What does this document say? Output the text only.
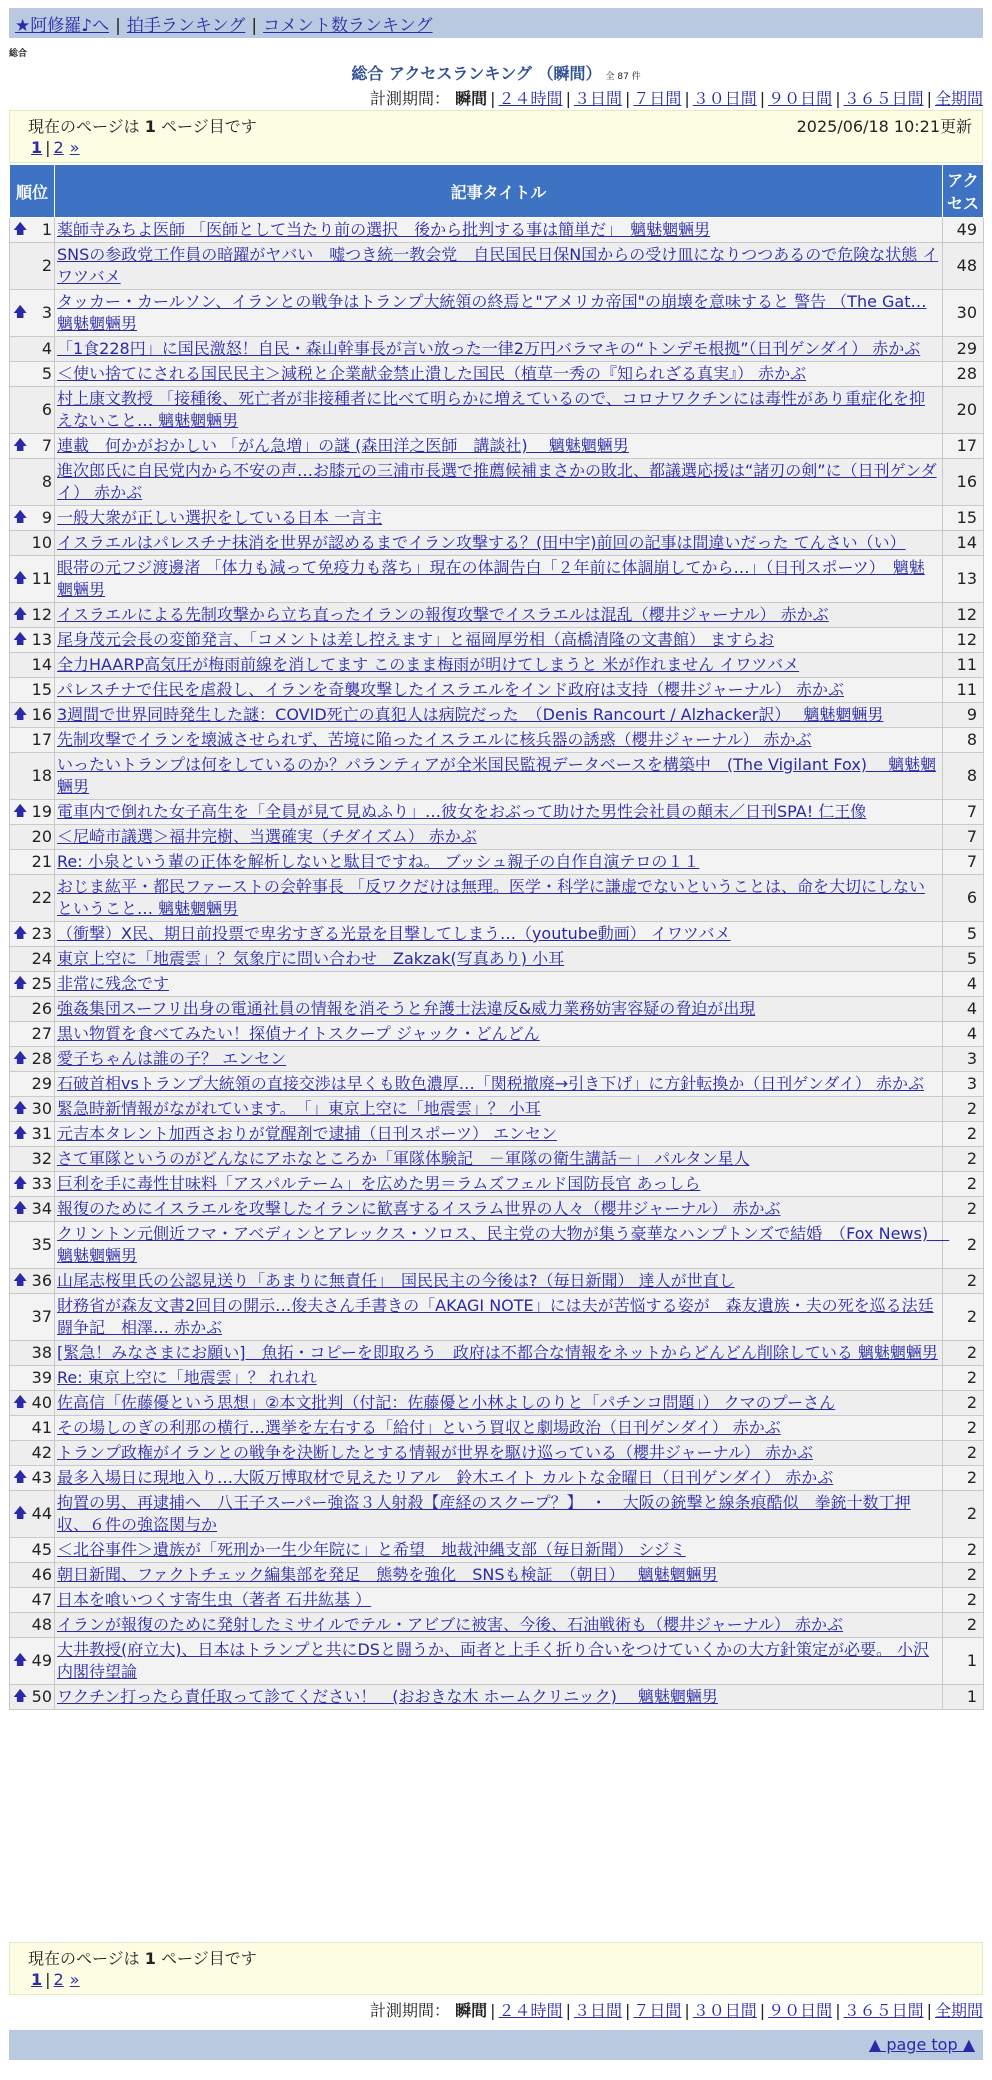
★阿修羅♪へ | 拍手ランキング | コメント数ランキング
総合
総合 アクセスランキング （瞬間） 全 87 件
計測期間： 瞬間 | ２４時間 | ３日間 | ７日間 | ３０日間 | ９０日間 | ３６５日間 | 全期間
現在のページは 1 ページ目です	2025/06/18 10:21更新
1 | 2 »
順位	記事タイトル	アクセス

🡅 1	薬師寺みちよ医師 「医師として当たり前の選択　後から批判する事は簡単だ」　魑魅魍魎男	49
2	SNSの参政党工作員の暗躍がヤバい　嘘つき統一教会党　自民国民日保N国からの受け皿になりつつあるので危険な状態 イワツバメ	48

🡅 3	タッカー・カールソン、イランとの戦争はトランプ大統領の終焉と"アメリカ帝国"の崩壊を意味すると 警告 （The Gat… 魑魅魍魎男	30
4	「1食228円」に国民激怒！自民・森山幹事長が言い放った一律2万円バラマキの“トンデモ根拠”（日刊ゲンダイ） 赤かぶ	29
5	＜使い捨てにされる国民民主＞減税と企業献金禁止潰した国民（植草一秀の『知られざる真実』） 赤かぶ	28
6	村上康文教授 「接種後、死亡者が非接種者に比べて明らかに増えているので、コロナワクチンには毒性があり重症化を抑えないこと… 魑魅魍魎男	20

🡅 7	連載　何かがおかしい 「がん急増」の謎 (森田洋之医師　講談社)　 魑魅魍魎男	17
8	進次郎氏に自民党内から不安の声…お膝元の三浦市長選で推薦候補まさかの敗北、都議選応援は“諸刃の剣”に（日刊ゲンダイ） 赤かぶ	16

🡅 9	一般大衆が正しい選択をしている日本 一言主	15
10	イスラエルはパレスチナ抹消を世界が認めるまでイラン攻撃する？(田中宇)前回の記事は間違いだった てんさい（い）	14

🡅 11	眼帯の元フジ渡邊渚 「体力も減って免疫力も落ち」現在の体調告白「２年前に体調崩してから…」（日刊スポーツ）　魑魅魍魎男	13

🡅 12	イスラエルによる先制攻撃から立ち直ったイランの報復攻撃でイスラエルは混乱（櫻井ジャーナル） 赤かぶ	12

🡅 13	尾身茂元会長の変節発言、「コメントは差し控えます」と福岡厚労相（高橋清隆の文書館） ますらお	12
14	全力HAARP高気圧が梅雨前線を消してます このまま梅雨が明けてしまうと 米が作れません イワツバメ	11
15	パレスチナで住民を虐殺し、イランを奇襲攻撃したイスラエルをインド政府は支持（櫻井ジャーナル） 赤かぶ	11

🡅 16	3週間で世界同時発生した謎：COVID死亡の真犯人は病院だった　（Denis Rancourt / Alzhacker訳）　 魑魅魍魎男	9
17	先制攻撃でイランを壊滅させられず、苦境に陥ったイスラエルに核兵器の誘惑（櫻井ジャーナル） 赤かぶ	8
18	いったいトランプは何をしているのか？パランティアが全米国民監視データベースを構築中　(The Vigilant Fox)　 魑魅魍魎男	8

🡅 19	電車内で倒れた女子高生を「全員が見て見ぬふり」…彼女をおぶって助けた男性会社員の顛末／日刊SPA! 仁王像	7
20	＜尼崎市議選＞福井完樹、当選確実（チダイズム） 赤かぶ	7
21	Re: 小泉という輩の正体を解析しないと駄目ですね。 ブッシュ親子の自作自演テロの１１	7
22	おじま紘平・都民ファーストの会幹事長 「反ワクだけは無理。医学・科学に謙虚でないということは、命を大切にしないということ… 魑魅魍魎男	6

🡅 23	（衝撃）X民、期日前投票で卑劣すぎる光景を目撃してしまう…（youtube動画） イワツバメ	5
24	東京上空に「地震雲」？気象庁に問い合わせ　Zakzak(写真あり) 小耳	5

🡅 25	非常に残念です	4
26	強姦集団スーフリ出身の電通社員の情報を消そうと弁護士法違反&威力業務妨害容疑の脅迫が出現	4
27	黒い物質を食べてみたい！探偵ナイトスクープ ジャック・どんどん	4

🡅 28	愛子ちゃんは誰の子？ エンセン	3
29	石破首相vsトランプ大統領の直接交渉は早くも敗色濃厚…「関税撤廃→引き下げ」に方針転換か（日刊ゲンダイ） 赤かぶ	3

🡅 30	緊急時新情報がながれています。　「」東京上空に「地震雲」？ 小耳	2

🡅 31	元吉本タレント加西さおりが覚醒剤で逮捕（日刊スポーツ） エンセン	2
32	さて軍隊というのがどんなにアホなところか「軍隊体験記　－軍隊の衛生講話－」 パルタン星人	2

🡅 33	巨利を手に毒性甘味料「アスパルテーム」を広めた男＝ラムズフェルド国防長官 あっしら	2

🡅 34	報復のためにイスラエルを攻撃したイランに歓喜するイスラム世界の人々（櫻井ジャーナル） 赤かぶ	2
35	クリントン元側近フマ・アベディンとアレックス・ソロス、民主党の大物が集う豪華なハンプトンズで結婚　（Fox News)　 魑魅魍魎男	2

🡅 36	山尾志桜里氏の公認見送り「あまりに無責任」　国民民主の今後は?（毎日新聞） 達人が世直し	2
37	財務省が森友文書2回目の開示…俊夫さん手書きの「AKAGI NOTE」には夫が苦悩する姿が　森友遺族・夫の死を巡る法廷闘争記　相澤… 赤かぶ	2
38	[緊急！みなさまにお願い]　魚拓・コピーを即取ろう　政府は不都合な情報をネットからどんどん削除している 魑魅魍魎男	2
39	Re: 東京上空に「地震雲」？ れれれ	2

🡅 40	佐高信「佐藤優という思想」②本文批判（付記：佐藤優と小林よしのりと「パチンコ問題」） クマのプーさん	2
41	その場しのぎの利那の横行…選挙を左右する「給付」という買収と劇場政治（日刊ゲンダイ） 赤かぶ	2
42	トランプ政権がイランとの戦争を決断したとする情報が世界を駆け巡っている（櫻井ジャーナル） 赤かぶ	2

🡅 43	最多入場日に現地入り…大阪万博取材で見えたリアル　鈴木エイト カルトな金曜日（日刊ゲンダイ） 赤かぶ	2

🡅 44	拘置の男、再逮捕へ　八王子スーパー強盗３人射殺【産経のスクープ？】　・　大阪の銃撃と線条痕酷似　拳銃十数丁押収、６件の強盗関与か	2
45	＜北谷事件＞遺族が「死刑か一生少年院に」と希望　地裁沖縄支部（毎日新聞） シジミ	2
46	朝日新聞、ファクトチェック編集部を発足　態勢を強化　SNSも検証　（朝日）　 魑魅魍魎男	2
47	日本を喰いつくす寄生虫（著者 石井紘基 ）	2
48	イランが報復のために発射したミサイルでテル・アビブに被害、今後、石油戦術も（櫻井ジャーナル） 赤かぶ	2

🡅 49	大井教授(府立大)、日本はトランプと共にDSと闘うか、両者と上手く折り合いをつけていくかの大方針策定が必要。 小沢内閣待望論	1

🡅 50	ワクチン打ったら責任取って診てください！　(おおきな木 ホームクリニック)　 魑魅魍魎男	1
現在のページは 1 ページ目です
1 | 2 »
計測期間： 瞬間 | ２４時間 | ３日間 | ７日間 | ３０日間 | ９０日間 | ３６５日間 | 全期間
▲ page top ▲
